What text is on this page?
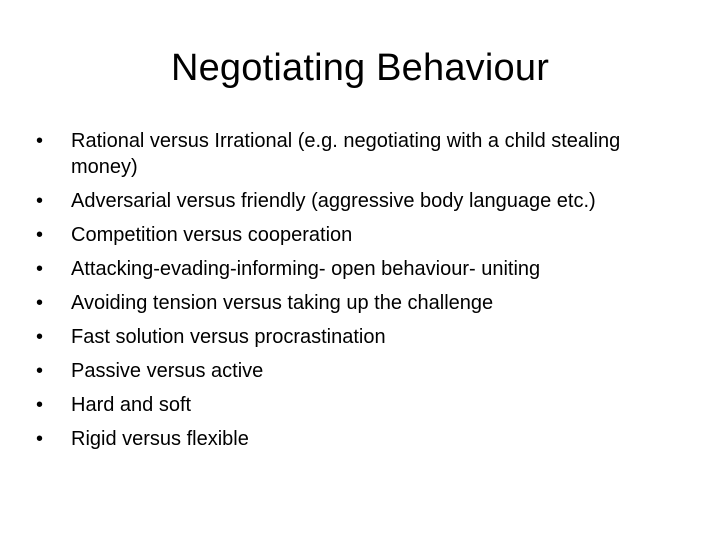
Negotiating Behaviour
•	Rational versus Irrational (e.g. negotiating with a child stealing money)
•	Adversarial versus friendly (aggressive body language etc.)
•	Competition versus cooperation
•	Attacking-evading-informing- open behaviour- uniting
•	Avoiding tension versus taking up the challenge
•	Fast solution versus procrastination
•	Passive versus active
•	Hard and soft
•	Rigid versus flexible
